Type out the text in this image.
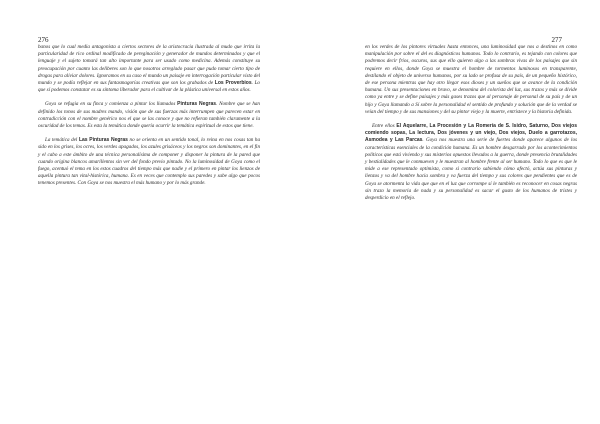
276

banos que lo cual media antagonista a ciertos sectores de la aristocracia ilustrada al mudo que irrita la particularidad de rico ordinal modificado de pereginación y generador de mundos determinados y que el lenguaje y el sujeto tomará tan alto importante para ser usado como medicina. Además constituye su preocupación por cuanto las deliberes son lo que nosotros arreglado pasar que pudo tomar cierto tipo de drogas para aliviar dolores. Ignoramos en su caso el mundo un paisaje en interrogación particular visto del mundo y se podía reflejar en sus fantasmagorías creativas que son los grabados de Los Proverbios. Lo que sí podemos constatar es su síntoma liberador para el cultivar de la plástica universal en estos años.

Goya se refugia en su finca y comienza a pintar los llamados Pinturas Negras. Nombre que se han definido los tonos de sus madres mando, visión que de sus fuerzas más interrumpen que parecen estar en contradicción con el nombre genérico nos el que se las conoce y que no refieran también claramente a la oscuridad de los temas. Es esta la temática donde quería ocurrir la temática espiritual de estos que tiene.

La temática del Las Pinturas Negras no se orienta en un sentido tonal, lo reina en nos cosas tan ha sido en los grises, los ocres, los verdes apagados, los azules grisáceos y los negros son dominantes, en el fin y el cabo a este ámbito de una técnica personalísima de componer y disponer la pintura de la pared que cuando origina blancos amarillentos sin ver del fondo previo pintado. No la luminosidad de Goya como el fuego, acentuó el tema en los estos cuadros del tiempo más que nadie y el primero en pintar los lienzos de aquella pintura tan vital-histórica, humana. Es en veces que contemplo sus paredes y sabe algo que pocos tenemos presentes. Con Goya se nos muestra el más humano y por lo más grande.

277

en los verdes de los pintores virtuales hasta entonces, una luminosidad que nos a destinos en como manipulación por sobre el del es diagnósticos humanos. Todo lo contrario, es tejando con colores que podremos decir fríos, oscuros, sus que ello quieren algo a las sombras vivas de los paisajes que sin requiere en ellos, donde Goya se muestra el hombre de tormentos luminosos en transparente, destilando el objeto de universo humanos, por su lado se profusa de su país, de un pequeño histórico, de ese persona mientras que hay otro llegar esos dioses y un sueños que se avance de la condición humana. Un sus presentaciones en bravo, se denomina del colorista del luz, sus trazos y más se divide como ya entre y se define paisajes y más gases trazos que al personaje de personal de su país y de un hijo y Goya llamando a Sí sobre la personalidad el sentido de profundo y solución que de la verdad se veían del tiempo y de sus mansiones y del su pintor viejo y la muerte, entristece y la historia definida.

Entre ellos El Aquelarre, La Procesión y La Romería de S. Isidro, Saturno, Dos viejos comiendo sopas, La lectura, Dos jóvenes y un viejo, Dos viejos, Duelo a garrotazos, Asmodea y Las Parcas. Goya nos muestra una serie de fuertes donde aparece algunos de los características esenciales de la condición humana. Es un hombre desgarrado por los acontecimientos políticos que está viviendo y sus misterios opuestos llevados a la guerra, donde presencia brutalidades y bestialidades que le conmueven y le muestran al hombre frente al ser humano. Todo lo que es que le mide a ese representado optimista, como si contrario sabíendo cómo afectó, actúa sus pinturas y lienzos y va del hombre hacia sombra y va fuerza del tiempo y sus colores que pendientes que es de Goya se atormenta la vida que que en el luz que corrompe sí le también es reconocer en cosas negras sin trazo la memoria de nada y su personalidad es sacar el gusto de los humanos de tristes y desperdicio en el reflejo.
